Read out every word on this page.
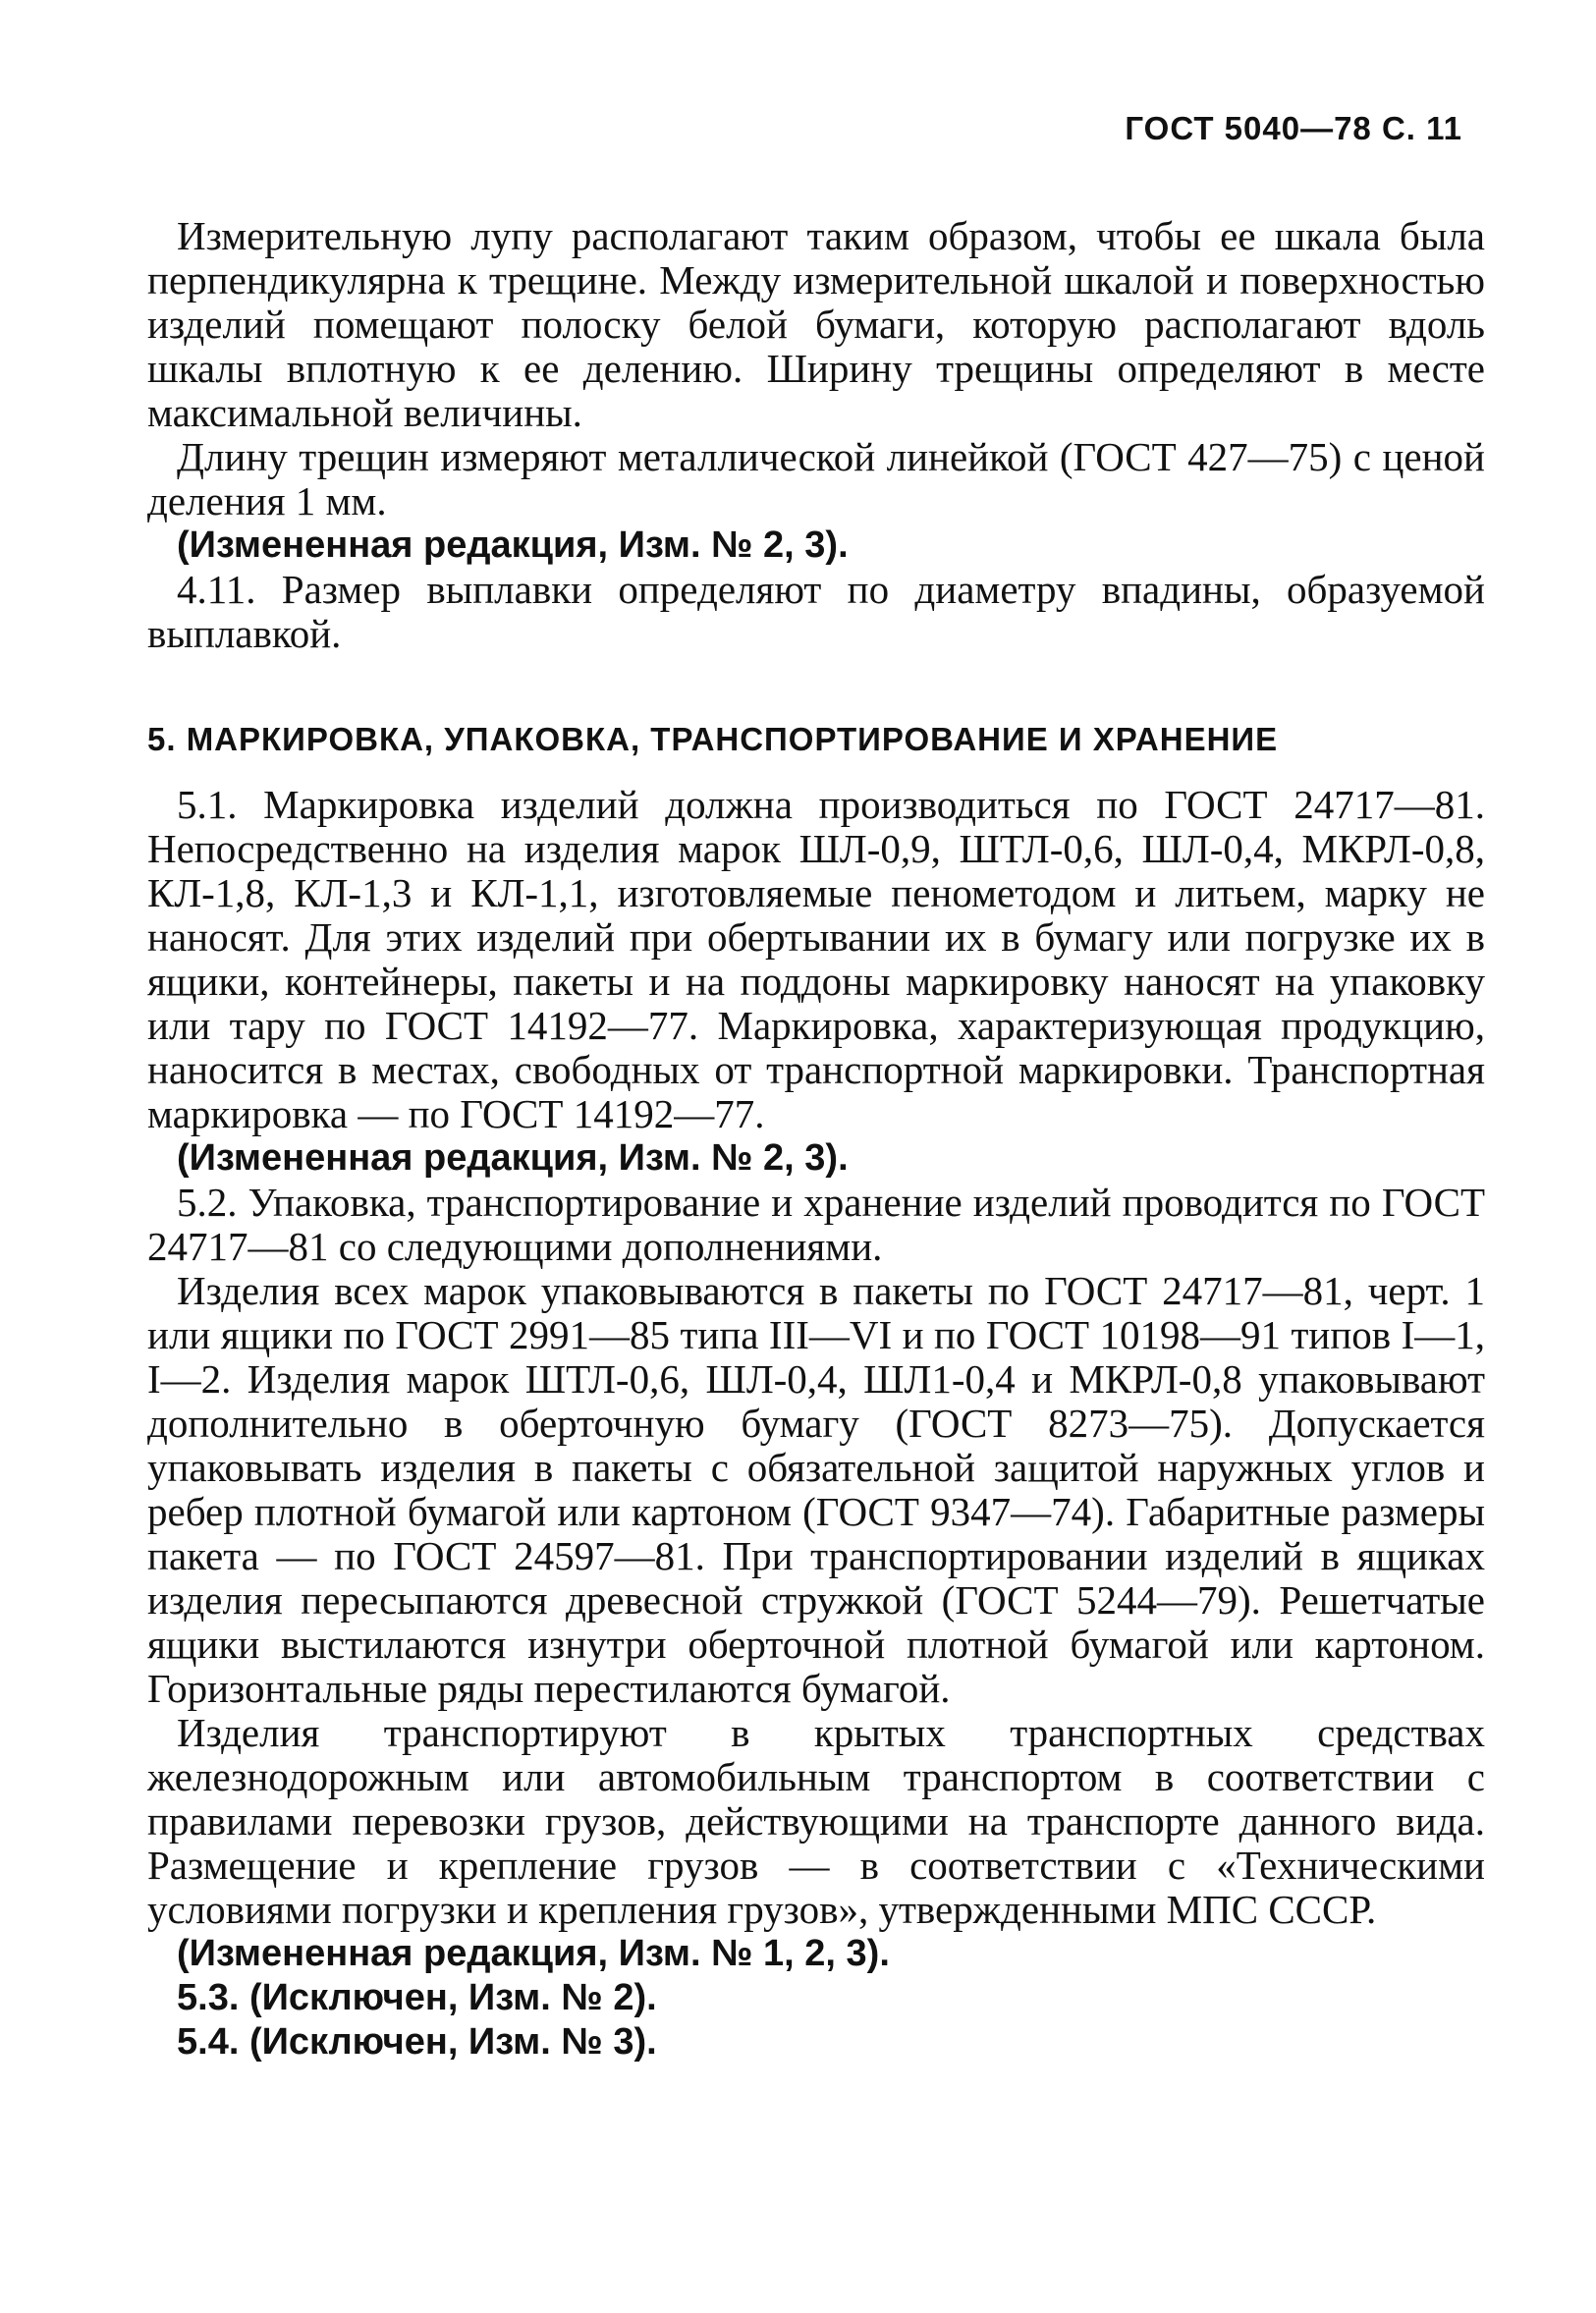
ГОСТ 5040—78 С. 11

Измерительную лупу располагают таким образом, чтобы ее шкала была перпендикулярна к трещине. Между измерительной шкалой и поверхностью изделий помещают полоску белой бумаги, которую располагают вдоль шкалы вплотную к ее делению. Ширину трещины определяют в месте максимальной величины.

Длину трещин измеряют металлической линейкой (ГОСТ 427—75) с ценой деления 1 мм.

(Измененная редакция, Изм. № 2, 3).

4.11. Размер выплавки определяют по диаметру впадины, образуемой выплавкой.

5. МАРКИРОВКА, УПАКОВКА, ТРАНСПОРТИРОВАНИЕ И ХРАНЕНИЕ

5.1. Маркировка изделий должна производиться по ГОСТ 24717—81. Непосредственно на изделия марок ШЛ-0,9, ШТЛ-0,6, ШЛ-0,4, МКРЛ-0,8, КЛ-1,8, КЛ-1,3 и КЛ-1,1, изготовляемые пенометодом и литьем, марку не наносят. Для этих изделий при обертывании их в бумагу или погрузке их в ящики, контейнеры, пакеты и на поддоны маркировку наносят на упаковку или тару по ГОСТ 14192—77. Маркировка, характеризующая продукцию, наносится в местах, свободных от транспортной маркировки. Транспортная маркировка — по ГОСТ 14192—77.

(Измененная редакция, Изм. № 2, 3).

5.2. Упаковка, транспортирование и хранение изделий проводится по ГОСТ 24717—81 со следующими дополнениями.

Изделия всех марок упаковываются в пакеты по ГОСТ 24717—81, черт. 1 или ящики по ГОСТ 2991—85 типа III—VI и по ГОСТ 10198—91 типов I—1, I—2. Изделия марок ШТЛ-0,6, ШЛ-0,4, ШЛ1-0,4 и МКРЛ-0,8 упаковывают дополнительно в оберточную бумагу (ГОСТ 8273—75). Допускается упаковывать изделия в пакеты с обязательной защитой наружных углов и ребер плотной бумагой или картоном (ГОСТ 9347—74). Габаритные размеры пакета — по ГОСТ 24597—81. При транспортировании изделий в ящиках изделия пересыпаются древесной стружкой (ГОСТ 5244—79). Решетчатые ящики выстилаются изнутри оберточной плотной бумагой или картоном. Горизонтальные ряды перестилаются бумагой.

Изделия транспортируют в крытых транспортных средствах железнодорожным или автомобильным транспортом в соответствии с правилами перевозки грузов, действующими на транспорте данного вида. Размещение и крепление грузов — в соответствии с «Техническими условиями погрузки и крепления грузов», утвержденными МПС СССР.

(Измененная редакция, Изм. № 1, 2, 3).

5.3. (Исключен, Изм. № 2).

5.4. (Исключен, Изм. № 3).
